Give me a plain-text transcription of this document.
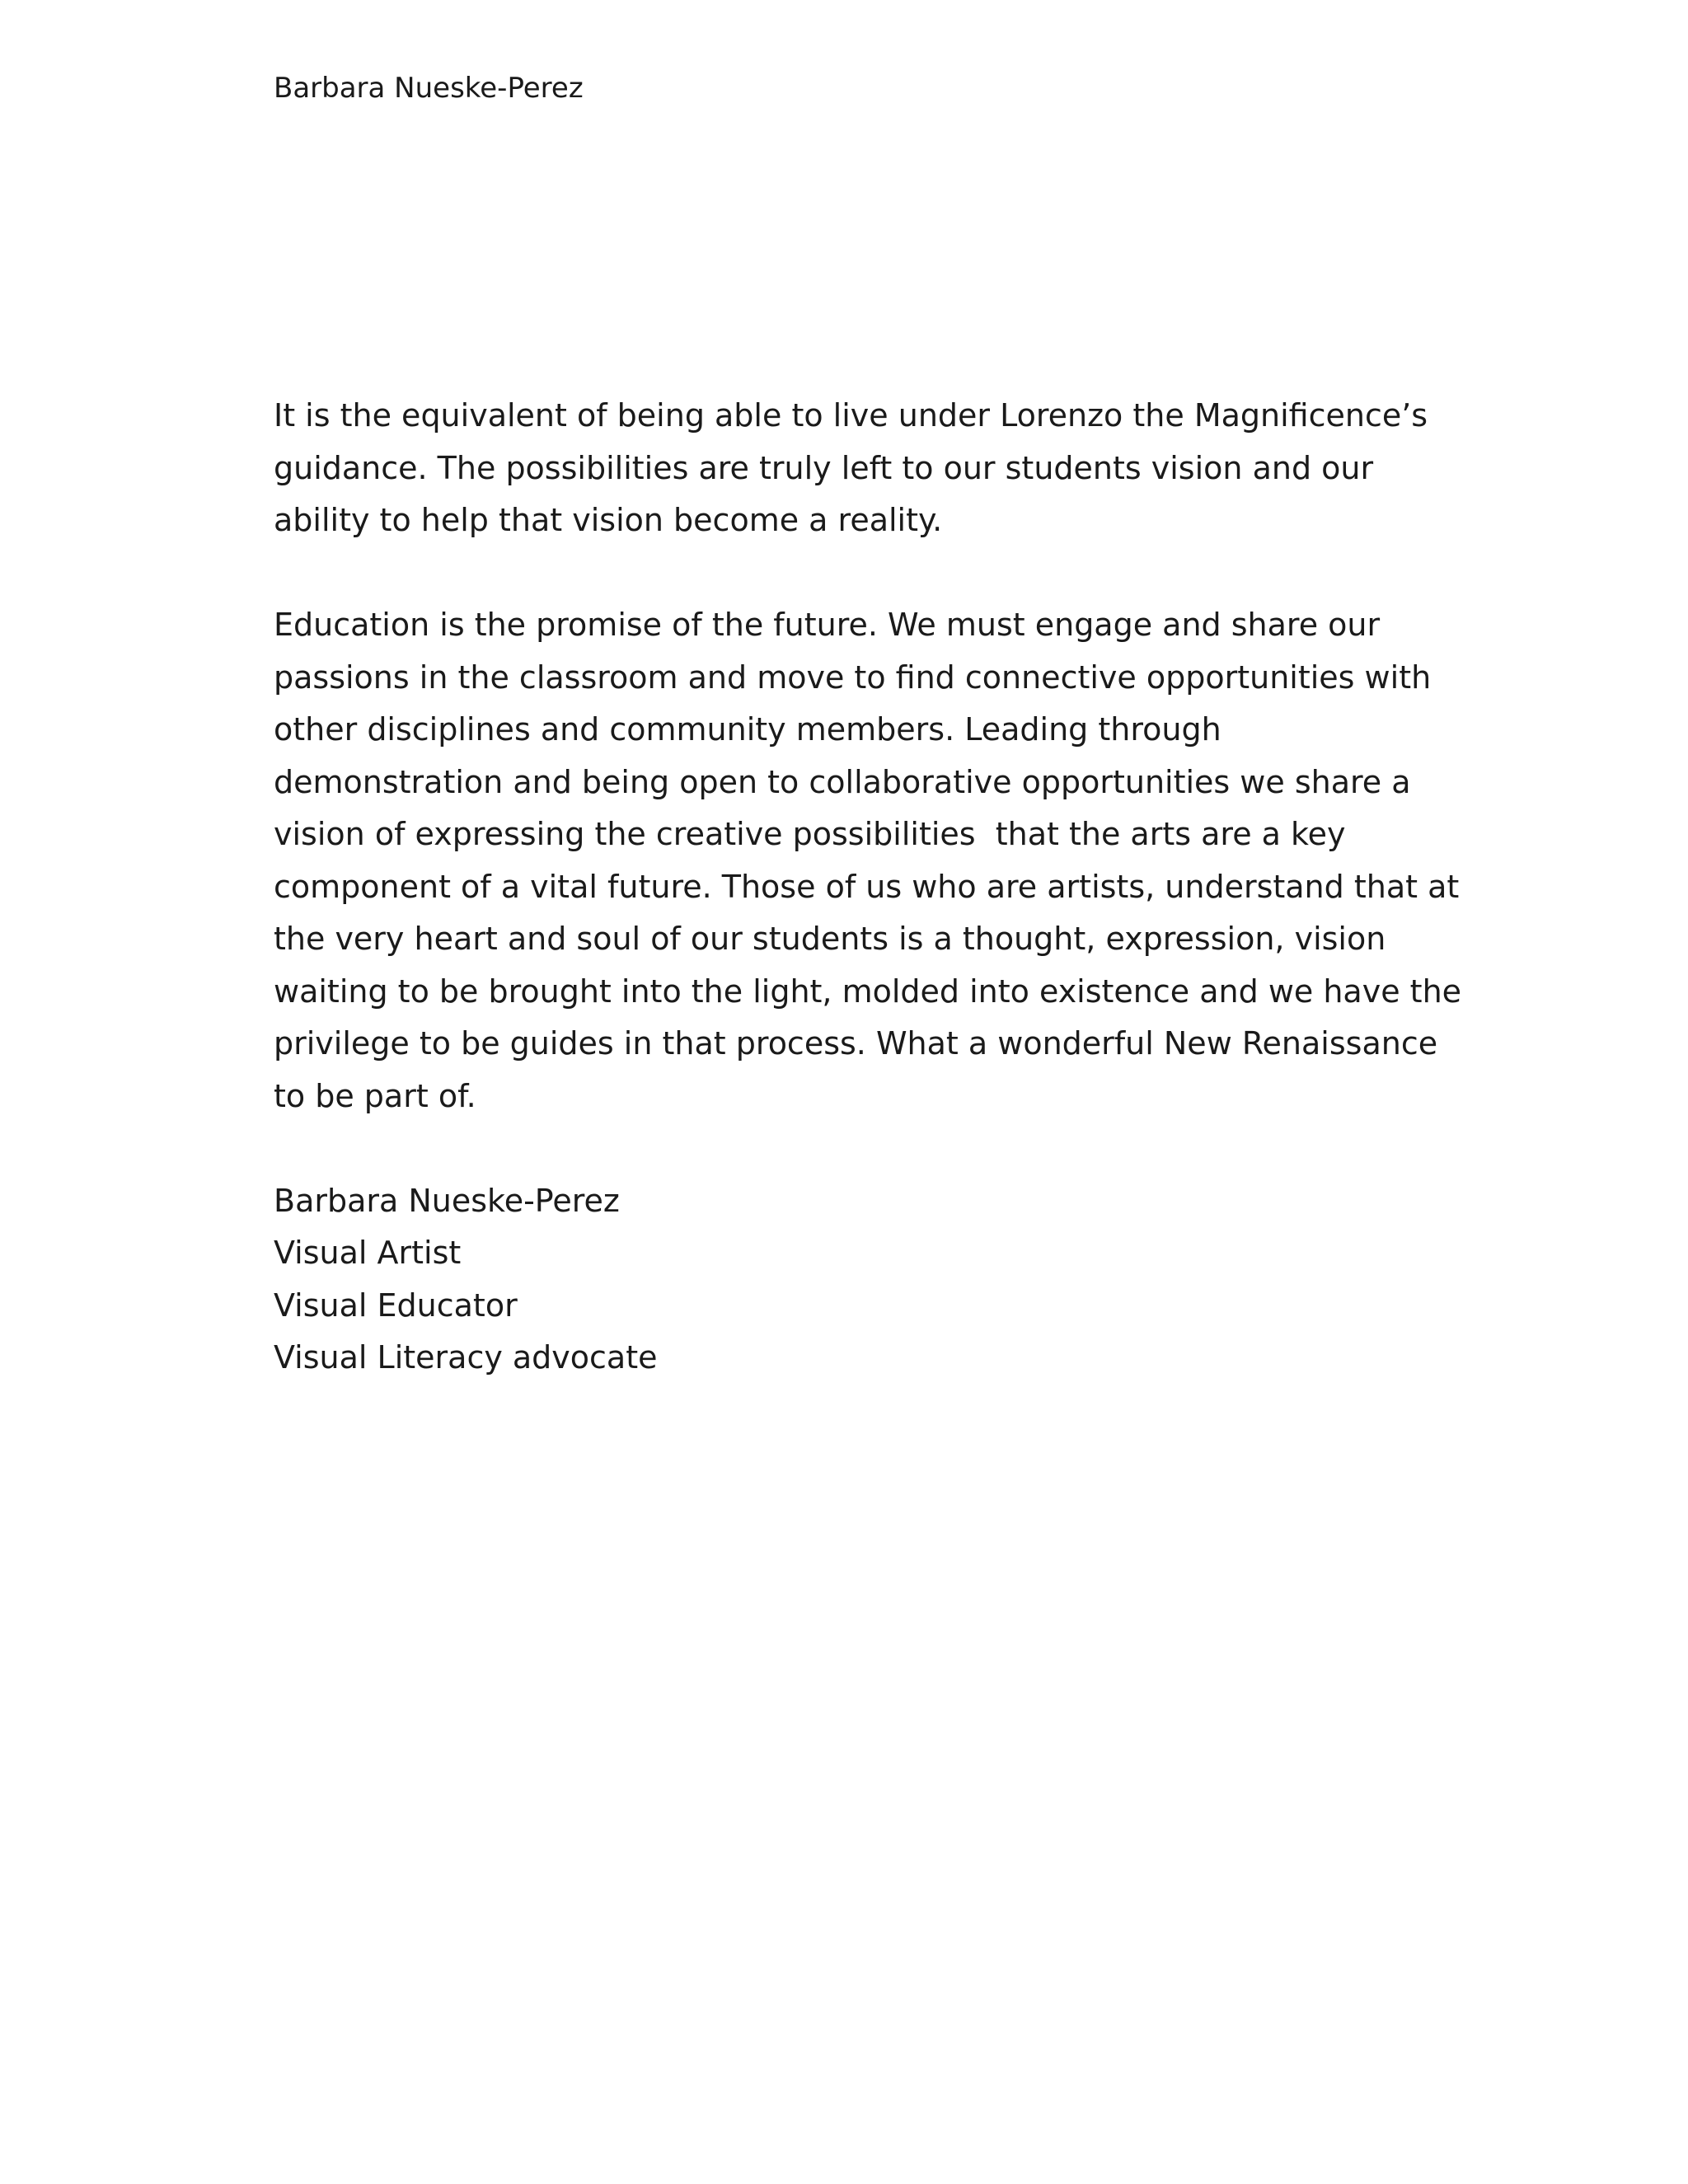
Barbara Nueske-Perez
It is the equivalent of being able to live under Lorenzo the Magnificence’s
guidance. The possibilities are truly left to our students vision and our
ability to help that vision become a reality.
Education is the promise of the future. We must engage and share our
passions in the classroom and move to find connective opportunities with
other disciplines and community members. Leading through
demonstration and being open to collaborative opportunities we share a
vision of expressing the creative possibilities  that the arts are a key
component of a vital future. Those of us who are artists, understand that at
the very heart and soul of our students is a thought, expression, vision
waiting to be brought into the light, molded into existence and we have the
privilege to be guides in that process. What a wonderful New Renaissance
to be part of.
Barbara Nueske-Perez
Visual Artist
Visual Educator
Visual Literacy advocate
